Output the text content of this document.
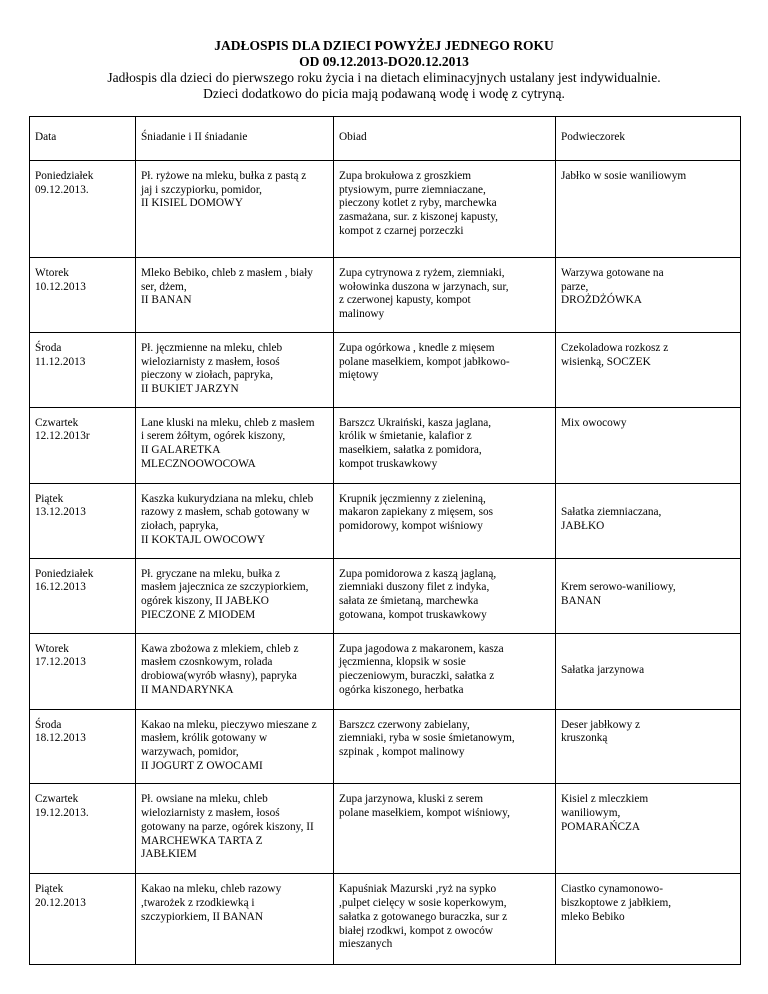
JADŁOSPIS DLA DZIECI POWYŻEJ JEDNEGO ROKU
OD 09.12.2013-DO20.12.2013
Jadłospis dla dzieci do pierwszego roku życia i na dietach eliminacyjnych ustalany jest indywidualnie.
Dzieci dodatkowo do picia mają podawaną wodę i wodę z cytryną.
Data	Śniadanie i II śniadanie	Obiad	Podwieczorek

Poniedziałek
09.12.2013.	Pł. ryżowe na mleku, bułka z pastą z
jaj i szczypiorku, pomidor,
II KISIEL DOMOWY	Zupa brokułowa z groszkiem
ptysiowym, purre ziemniaczane,
pieczony kotlet z ryby, marchewka
zasmażana, sur. z kiszonej kapusty,
kompot z czarnej porzeczki	Jabłko w sosie waniliowym

Wtorek
10.12.2013	Mleko Bebiko, chleb z masłem , biały
ser, dżem,
II BANAN	Zupa cytrynowa z ryżem, ziemniaki,
wołowinka duszona w jarzynach, sur,
z czerwonej kapusty, kompot
malinowy	Warzywa gotowane na
parze,
DROŻDŻÓWKA

Środa
11.12.2013	Pł. jęczmienne na mleku, chleb
wieloziarnisty z masłem, łosoś
pieczony w ziołach, papryka,
II BUKIET JARZYN	Zupa ogórkowa , knedle z mięsem
polane masełkiem, kompot jabłkowo-
miętowy	Czekoladowa rozkosz z
wisienką, SOCZEK

Czwartek
12.12.2013r	Lane kluski na mleku, chleb z masłem
i serem żółtym, ogórek kiszony,
II GALARETKA
MLECZNOOWOCOWA	Barszcz Ukraiński, kasza jaglana,
królik w śmietanie, kalafior z
masełkiem, sałatka z pomidora,
kompot truskawkowy	Mix owocowy

Piątek
13.12.2013	Kaszka kukurydziana na mleku, chleb
razowy z masłem, schab gotowany w
ziołach, papryka,
II KOKTAJL OWOCOWY	Krupnik jęczmienny z zieleniną,
makaron zapiekany z mięsem, sos
pomidorowy, kompot wiśniowy	Sałatka ziemniaczana,
JABŁKO

Poniedziałek
16.12.2013	Pł. gryczane na mleku, bułka z
masłem jajecznica ze szczypiorkiem,
ogórek kiszony, II JABŁKO
PIECZONE Z MIODEM	Zupa pomidorowa z kaszą jaglaną,
ziemniaki duszony filet z indyka,
sałata ze śmietaną, marchewka
gotowana, kompot truskawkowy	Krem serowo-waniliowy,
BANAN

Wtorek
17.12.2013	Kawa zbożowa z mlekiem, chleb z
masłem czosnkowym, rolada
drobiowa(wyrób własny), papryka
II MANDARYNKA	Zupa jagodowa z makaronem, kasza
jęczmienna, klopsik w sosie
pieczeniowym, buraczki, sałatka z
ogórka kiszonego, herbatka	Sałatka jarzynowa

Środa
18.12.2013	Kakao na mleku, pieczywo mieszane z
masłem, królik gotowany w
warzywach, pomidor,
II JOGURT Z OWOCAMI	Barszcz czerwony zabielany,
ziemniaki, ryba w sosie śmietanowym,
szpinak , kompot malinowy	Deser jabłkowy z
kruszonką

Czwartek
19.12.2013.	Pł. owsiane na mleku, chleb
wieloziarnisty z masłem, łosoś
gotowany na parze, ogórek kiszony, II
MARCHEWKA TARTA Z
JABŁKIEM	Zupa jarzynowa, kluski z serem
polane masełkiem, kompot wiśniowy,	Kisiel z mleczkiem
waniliowym,
POMARAŃCZA

Piątek
20.12.2013	Kakao na mleku, chleb razowy
,twarożek z rzodkiewką i
szczypiorkiem, II BANAN	Kapuśniak Mazurski ,ryż na sypko
,pulpet cielęcy w sosie koperkowym,
sałatka z gotowanego buraczka, sur z
białej rzodkwi, kompot z owoców
mieszanych	Ciastko cynamonowo-
biszkoptowe z jabłkiem,
mleko Bebiko
